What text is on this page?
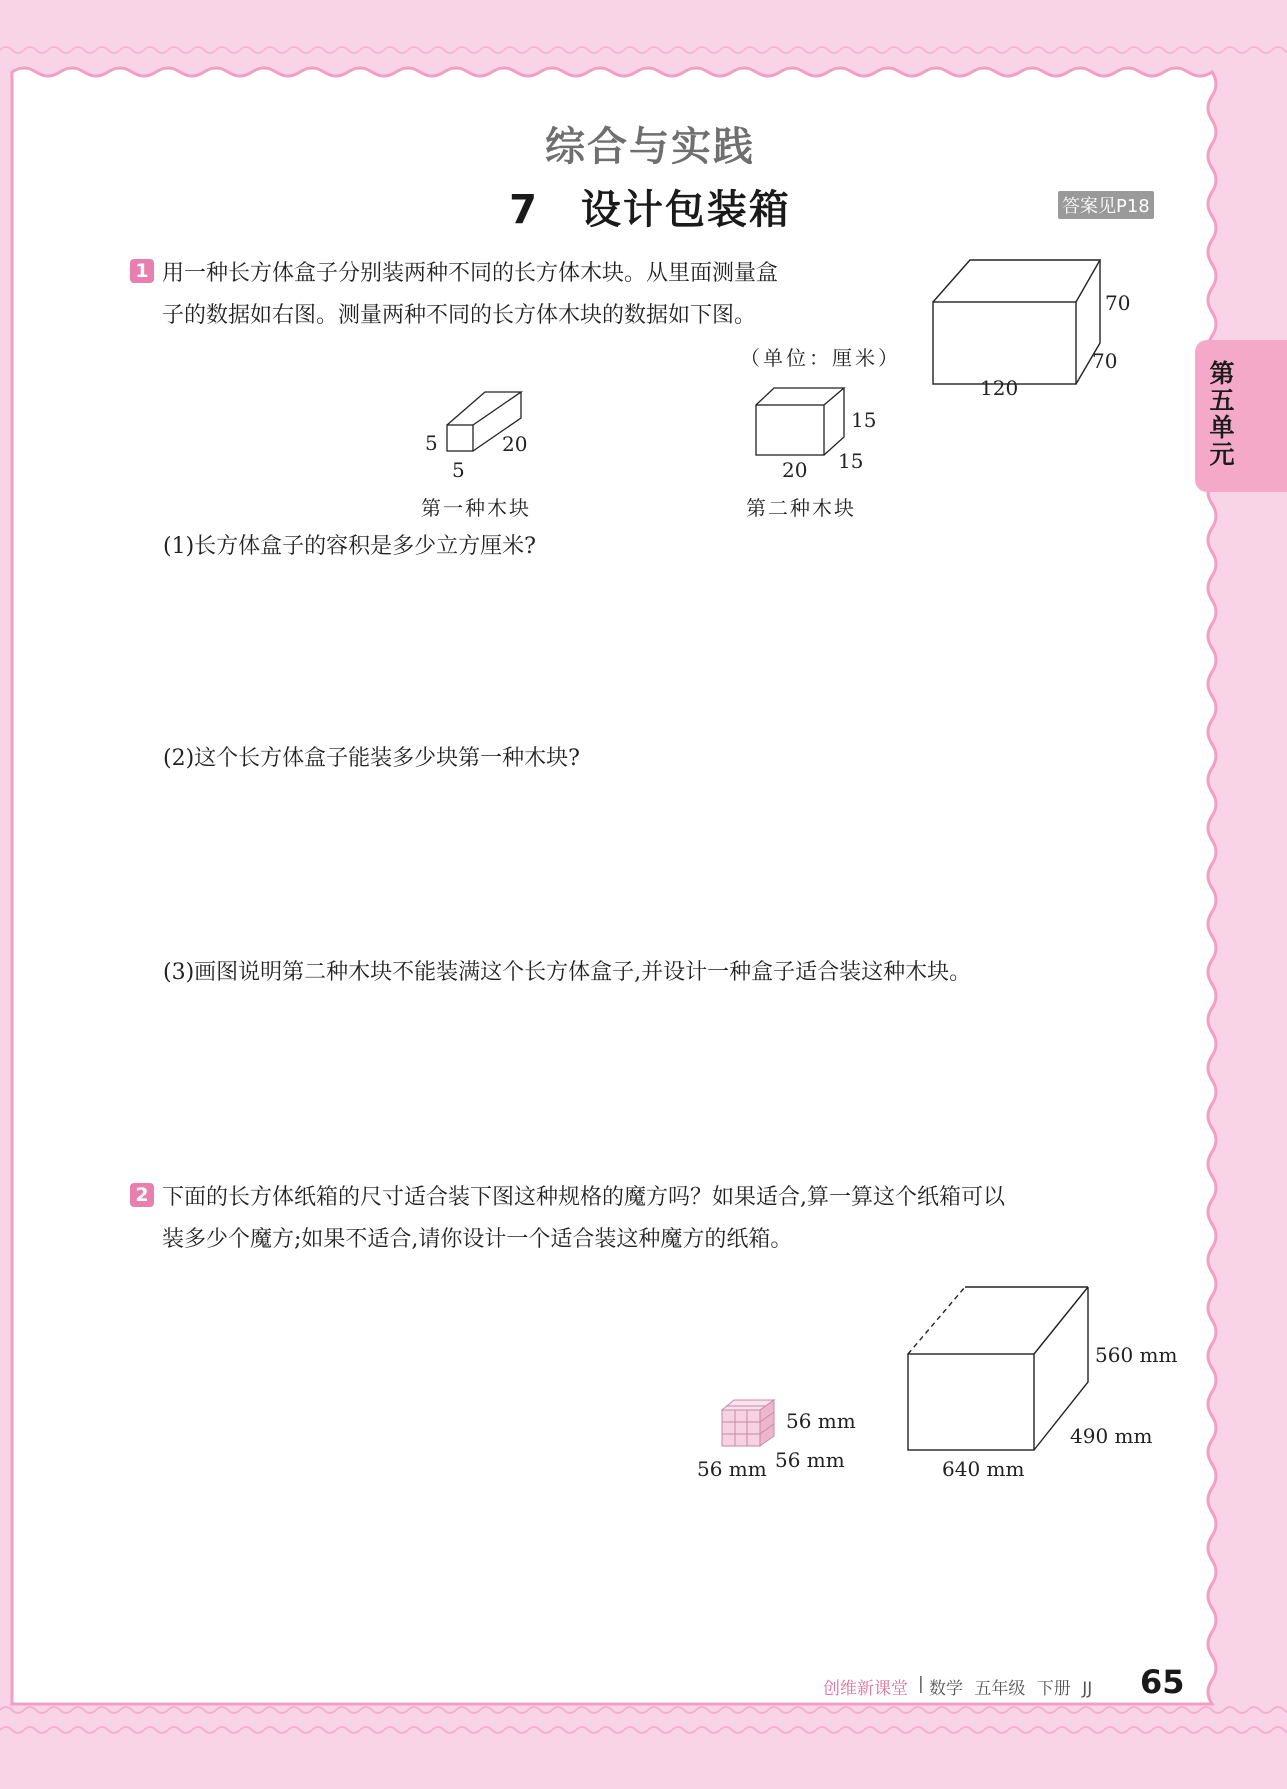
综合与实践
7　设计包装箱	答案见P18
第五单元
1 用一种长方体盒子分别装两种不同的长方体木块。从里面测量盒
子的数据如右图。测量两种不同的长方体木块的数据如下图。
（单位：厘米）
70
70
120
5	20
5
第一种木块
15
15
20
第二种木块
(1)长方体盒子的容积是多少立方厘米?
(2)这个长方体盒子能装多少块第一种木块?
(3)画图说明第二种木块不能装满这个长方体盒子,并设计一种盒子适合装这种木块。
2 下面的长方体纸箱的尺寸适合装下图这种规格的魔方吗？如果适合,算一算这个纸箱可以
装多少个魔方;如果不适合,请你设计一个适合装这种魔方的纸箱。
56 mm
56 mm
56 mm
560 mm
490 mm
640 mm
创维新课堂 | 数学 五年级 下册 JJ 65
